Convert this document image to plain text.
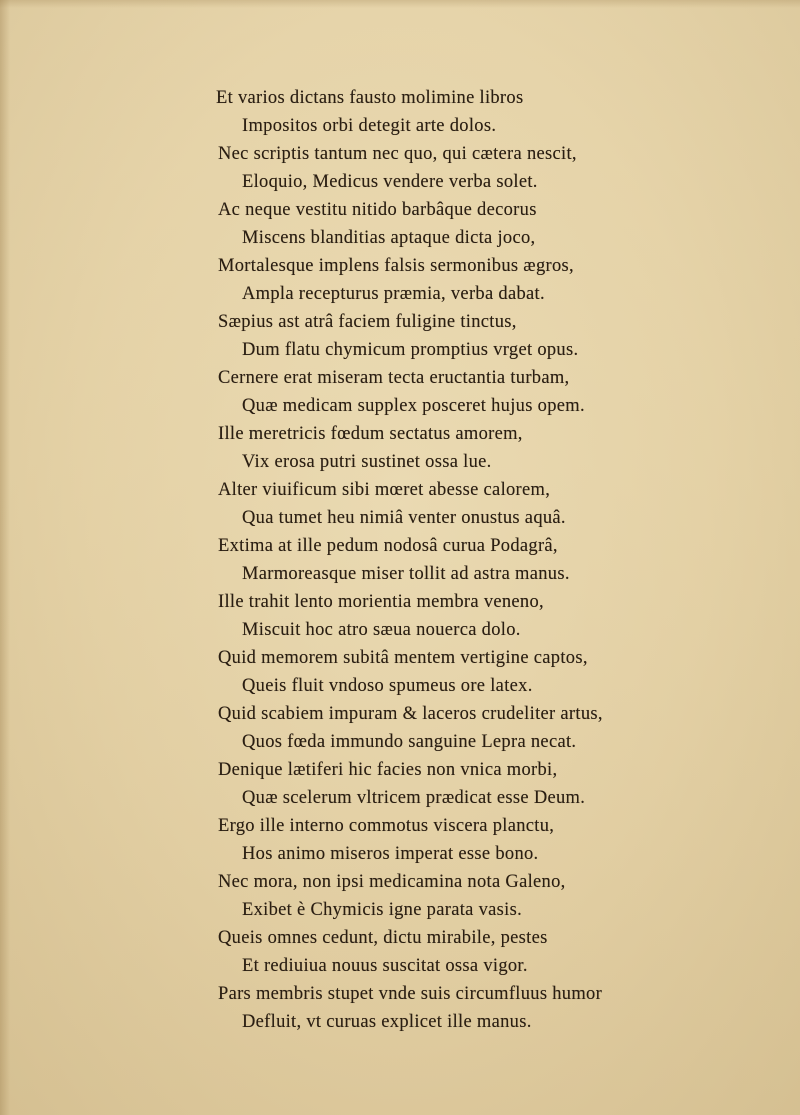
Et varios dictans fausto molimine libros
Impositos orbi detegit arte dolos.
Nec scriptis tantum nec quo, qui cætera nescit,
Eloquio, Medicus vendere verba solet.
Ac neque vestitu nitido barbâque decorus
Miscens blanditias aptaque dicta joco,
Mortalesque implens falsis sermonibus ægros,
Ampla recepturus præmia, verba dabat.
Sæpius ast atrâ faciem fuligine tinctus,
Dum flatu chymicum promptius vrget opus.
Cernere erat miseram tecta eructantia turbam,
Quæ medicam supplex posceret hujus opem.
Ille meretricis fœdum sectatus amorem,
Vix erosa putri sustinet ossa lue.
Alter viuificum sibi mœret abesse calorem,
Qua tumet heu nimiâ venter onustus aquâ.
Extima at ille pedum nodosâ curua Podagrâ,
Marmoreasque miser tollit ad astra manus.
Ille trahit lento morientia membra veneno,
Miscuit hoc atro sæua nouerca dolo.
Quid memorem subitâ mentem vertigine captos,
Queis fluit vndoso spumeus ore latex.
Quid scabiem impuram & laceros crudeliter artus,
Quos fœda immundo sanguine Lepra necat.
Denique lætiferi hic facies non vnica morbi,
Quæ scelerum vltricem prædicat esse Deum.
Ergo ille interno commotus viscera planctu,
Hos animo miseros imperat esse bono.
Nec mora, non ipsi medicamina nota Galeno,
Exibet è Chymicis igne parata vasis.
Queis omnes cedunt, dictu mirabile, pestes
Et rediuiua nouus suscitat ossa vigor.
Pars membris stupet vnde suis circumfluus humor
Defluit, vt curuas explicet ille manus.
